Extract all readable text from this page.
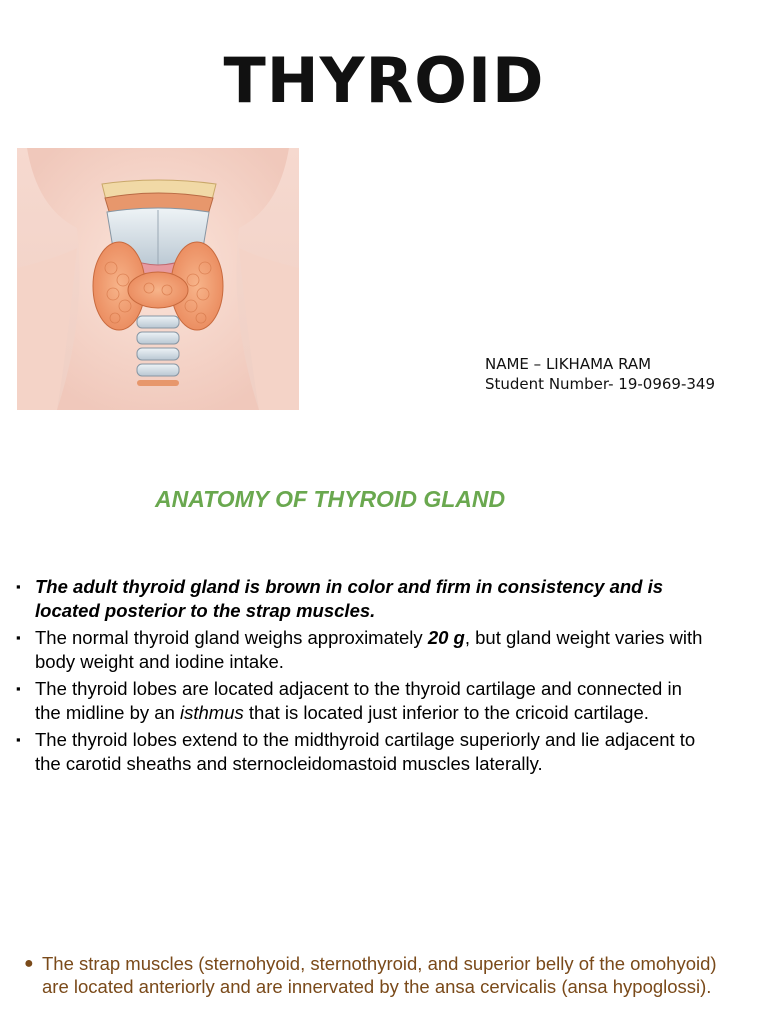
THYROID
NAME – LIKHAMA RAM
Student Number- 19-0969-349
ANATOMY OF THYROID GLAND
▪ The adult thyroid gland is brown in color and firm in consistency and is located posterior to the strap muscles.
▪ The normal thyroid gland weighs approximately 20 g, but gland weight varies with body weight and iodine intake.
▪ The thyroid lobes are located adjacent to the thyroid cartilage and connected in the midline by an isthmus that is located just inferior to the cricoid cartilage.
▪ The thyroid lobes extend to the midthyroid cartilage superiorly and lie adjacent to the carotid sheaths and sternocleidomastoid muscles laterally.
● The strap muscles (sternohyoid, sternothyroid, and superior belly of the omohyoid) are located anteriorly and are innervated by the ansa cervicalis (ansa hypoglossi).
